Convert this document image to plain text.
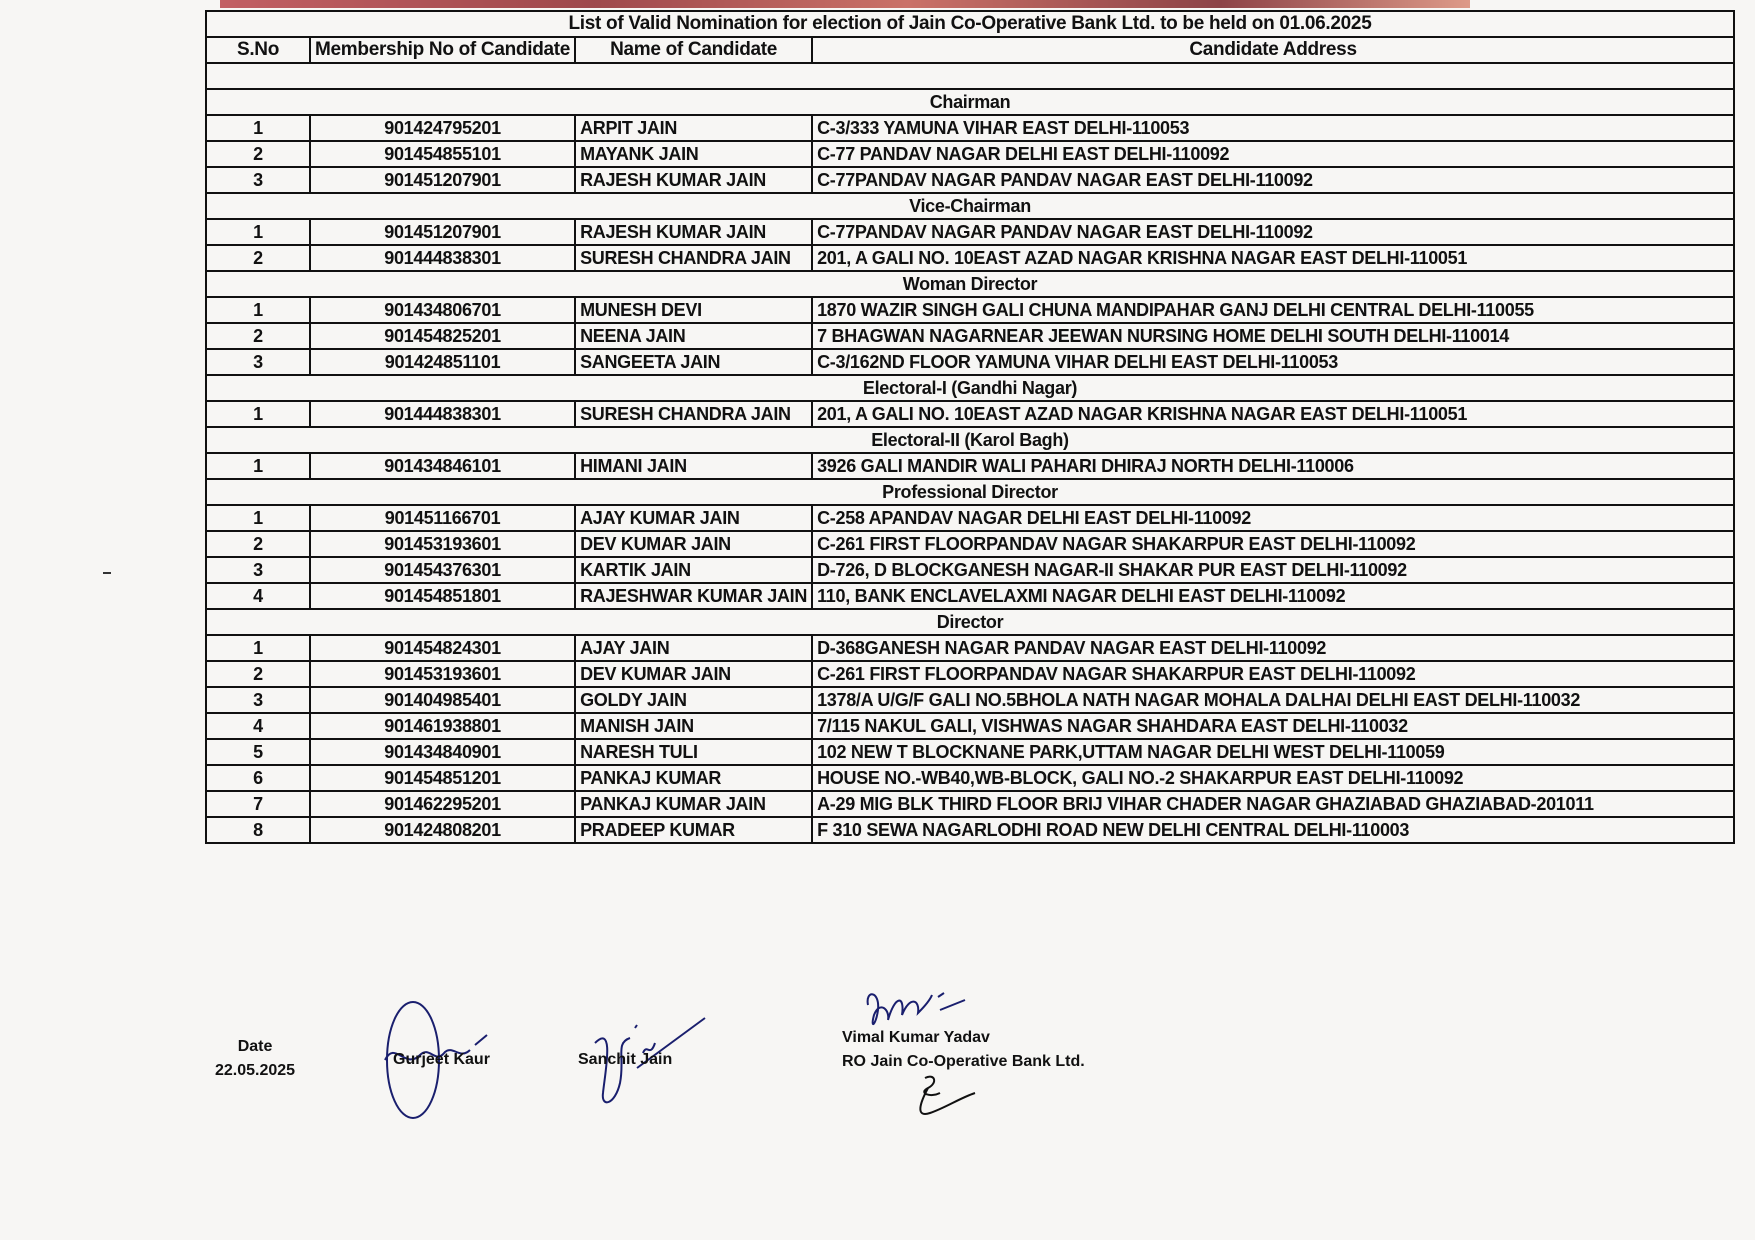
List of Valid Nomination for election of Jain Co-Operative Bank Ltd. to be held on 01.06.2025			
S.No	Membership No of Candidate	Name of Candidate	Candidate Address

Chairman			
1	901424795201	ARPIT JAIN	C-3/333 YAMUNA VIHAR EAST DELHI-110053
2	901454855101	MAYANK JAIN	C-77 PANDAV NAGAR DELHI EAST DELHI-110092
3	901451207901	RAJESH KUMAR JAIN	C-77PANDAV NAGAR PANDAV NAGAR EAST DELHI-110092
Vice-Chairman			
1	901451207901	RAJESH KUMAR JAIN	C-77PANDAV NAGAR PANDAV NAGAR EAST DELHI-110092
2	901444838301	SURESH CHANDRA JAIN	201, A GALI NO. 10EAST AZAD NAGAR KRISHNA NAGAR EAST DELHI-110051
Woman Director			
1	901434806701	MUNESH DEVI	1870 WAZIR SINGH GALI CHUNA MANDIPAHAR GANJ DELHI CENTRAL DELHI-110055
2	901454825201	NEENA JAIN	7 BHAGWAN NAGARNEAR JEEWAN NURSING HOME DELHI SOUTH DELHI-110014
3	901424851101	SANGEETA JAIN	C-3/162ND FLOOR YAMUNA VIHAR DELHI EAST DELHI-110053
Electoral-I (Gandhi Nagar)			
1	901444838301	SURESH CHANDRA JAIN	201, A GALI NO. 10EAST AZAD NAGAR KRISHNA NAGAR EAST DELHI-110051
Electoral-II (Karol Bagh)			
1	901434846101	HIMANI JAIN	3926 GALI MANDIR WALI PAHARI DHIRAJ NORTH DELHI-110006
Professional Director			
1	901451166701	AJAY KUMAR JAIN	C-258 APANDAV NAGAR DELHI EAST DELHI-110092
2	901453193601	DEV KUMAR JAIN	C-261 FIRST FLOORPANDAV NAGAR SHAKARPUR EAST DELHI-110092
3	901454376301	KARTIK JAIN	D-726, D BLOCKGANESH NAGAR-II SHAKAR PUR EAST DELHI-110092
4	901454851801	RAJESHWAR KUMAR JAIN	110, BANK ENCLAVELAXMI NAGAR DELHI EAST DELHI-110092
Director			
1	901454824301	AJAY JAIN	D-368GANESH NAGAR PANDAV NAGAR EAST DELHI-110092
2	901453193601	DEV KUMAR JAIN	C-261 FIRST FLOORPANDAV NAGAR SHAKARPUR EAST DELHI-110092
3	901404985401	GOLDY JAIN	1378/A U/G/F GALI NO.5BHOLA NATH NAGAR MOHALA DALHAI DELHI EAST DELHI-110032
4	901461938801	MANISH JAIN	7/115 NAKUL GALI, VISHWAS NAGAR SHAHDARA EAST DELHI-110032
5	901434840901	NARESH TULI	102 NEW T BLOCKNANE PARK,UTTAM NAGAR DELHI WEST DELHI-110059
6	901454851201	PANKAJ KUMAR	HOUSE NO.-WB40,WB-BLOCK, GALI NO.-2 SHAKARPUR EAST DELHI-110092
7	901462295201	PANKAJ KUMAR JAIN	A-29 MIG BLK THIRD FLOOR BRIJ VIHAR CHADER NAGAR GHAZIABAD GHAZIABAD-201011
8	901424808201	PRADEEP KUMAR	F 310 SEWA NAGARLODHI ROAD NEW DELHI CENTRAL DELHI-110003
Date
22.05.2025
Gurjeet Kaur	Sanchit Jain
Vimal Kumar Yadav
RO Jain Co-Operative Bank Ltd.
